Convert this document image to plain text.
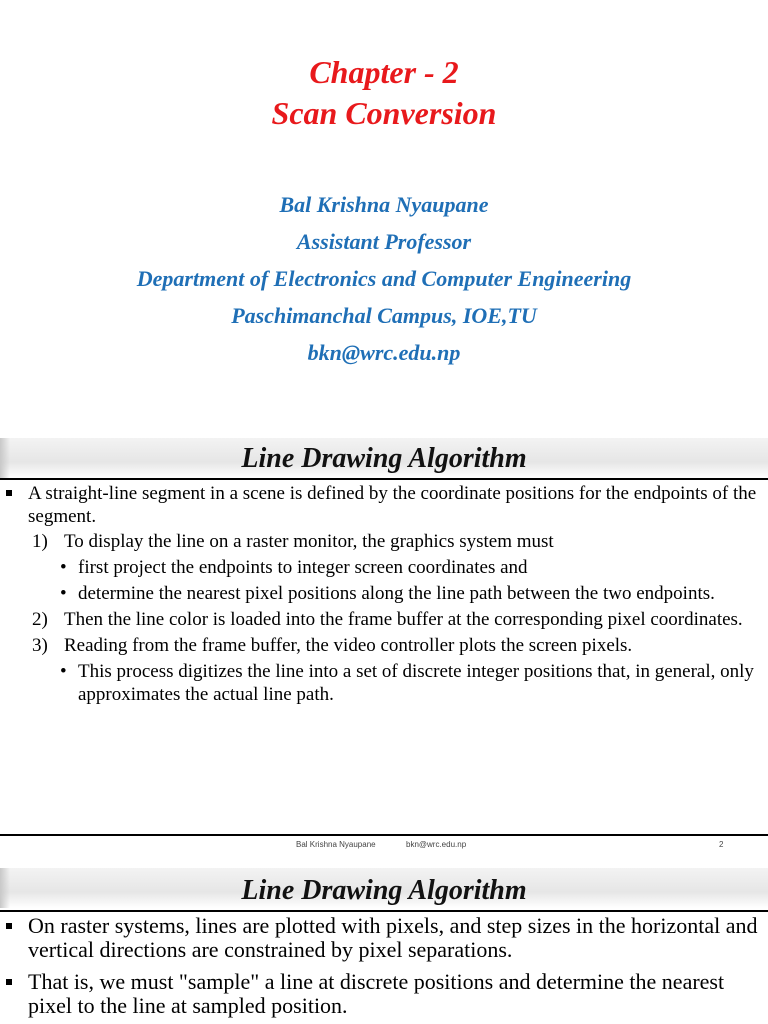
Chapter - 2
Scan Conversion

Bal Krishna Nyaupane

Assistant Professor

Department of Electronics and Computer Engineering

Paschimanchal Campus, IOE,TU

bkn@wrc.edu.np

Line Drawing Algorithm
A straight-line segment in a scene is defined by the coordinate positions for the endpoints of the segment.
1) To display the line on a raster monitor, the graphics system must
• first project the endpoints to integer screen coordinates and
• determine the nearest pixel positions along the line path between the two endpoints.
2) Then the line color is loaded into the frame buffer at the corresponding pixel coordinates.
3) Reading from the frame buffer, the video controller plots the screen pixels.
• This process digitizes the line into a set of discrete integer positions that, in general, only approximates the actual line path.
Bal Krishna Nyaupane	bkn@wrc.edu.np	2
Line Drawing Algorithm
On raster systems, lines are plotted with pixels, and step sizes in the horizontal and vertical directions are constrained by pixel separations.
That is, we must "sample" a line at discrete positions and determine the nearest pixel to the line at sampled position.
